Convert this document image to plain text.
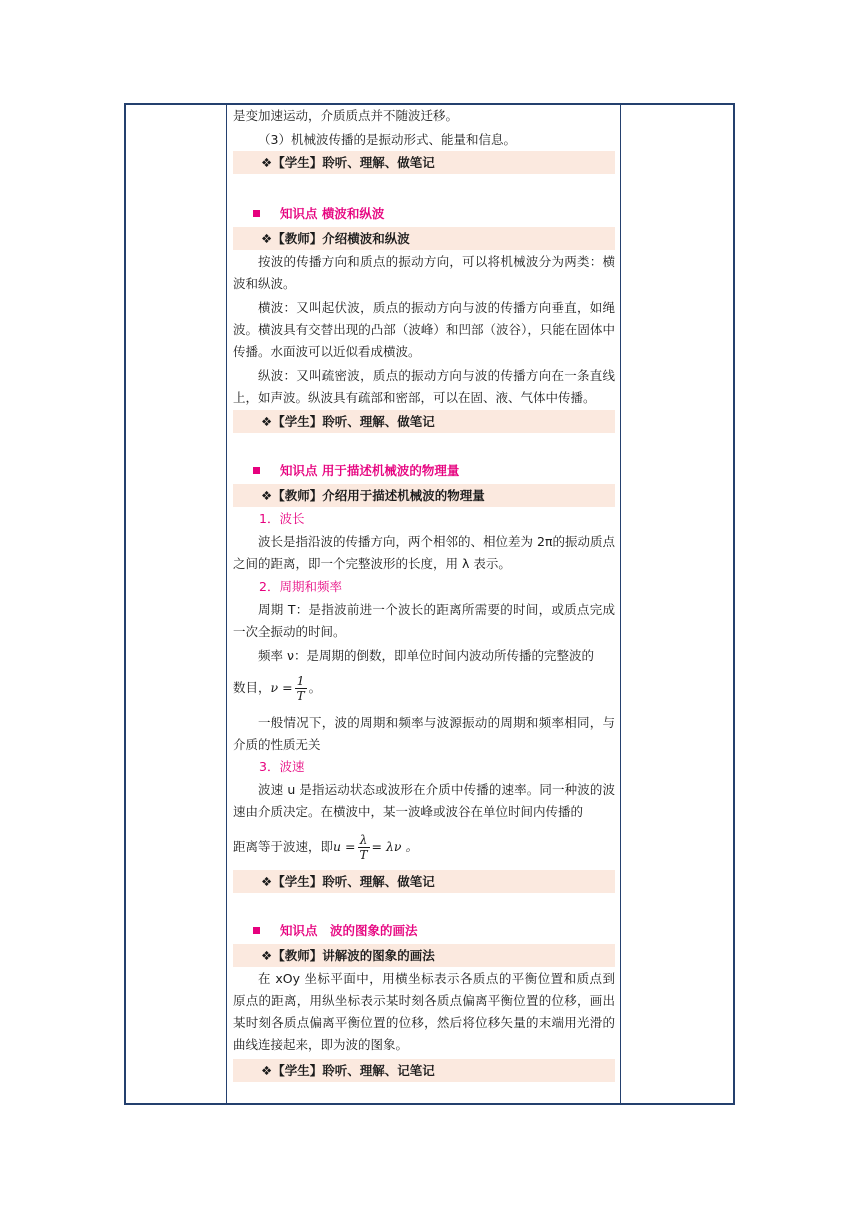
是变加速运动，介质质点并不随波迁移。
（3）机械波传播的是振动形式、能量和信息。
❖【学生】聆听、理解、做笔记
知识点 横波和纵波
❖【教师】介绍横波和纵波
按波的传播方向和质点的振动方向，可以将机械波分为两类：横波和纵波。
横波：又叫起伏波，质点的振动方向与波的传播方向垂直，如绳波。横波具有交替出现的凸部（波峰）和凹部（波谷），只能在固体中传播。水面波可以近似看成横波。
纵波：又叫疏密波，质点的振动方向与波的传播方向在一条直线上，如声波。纵波具有疏部和密部，可以在固、液、气体中传播。
❖【学生】聆听、理解、做笔记
知识点 用于描述机械波的物理量
❖【教师】介绍用于描述机械波的物理量
1．波长
波长是指沿波的传播方向，两个相邻的、相位差为 2π的振动质点之间的距离，即一个完整波形的长度，用 λ 表示。
2．周期和频率
周期 T：是指波前进一个波长的距离所需要的时间，或质点完成一次全振动的时间。
频率 ν：是周期的倒数，即单位时间内波动所传播的完整波的
数目，$\nu = \frac{1}{T}$ 。
一般情况下，波的周期和频率与波源振动的周期和频率相同，与介质的性质无关
3．波速
波速 u 是指运动状态或波形在介质中传播的速率。同一种波的波速由介质决定。在横波中，某一波峰或波谷在单位时间内传播的
距离等于波速，即$u = \frac{\lambda}{T} = \lambda\nu$ 。
❖【学生】聆听、理解、做笔记
知识点　波的图象的画法
❖【教师】讲解波的图象的画法
在 xOy 坐标平面中，用横坐标表示各质点的平衡位置和质点到原点的距离，用纵坐标表示某时刻各质点偏离平衡位置的位移，画出某时刻各质点偏离平衡位置的位移，然后将位移矢量的末端用光滑的曲线连接起来，即为波的图象。
❖【学生】聆听、理解、记笔记
